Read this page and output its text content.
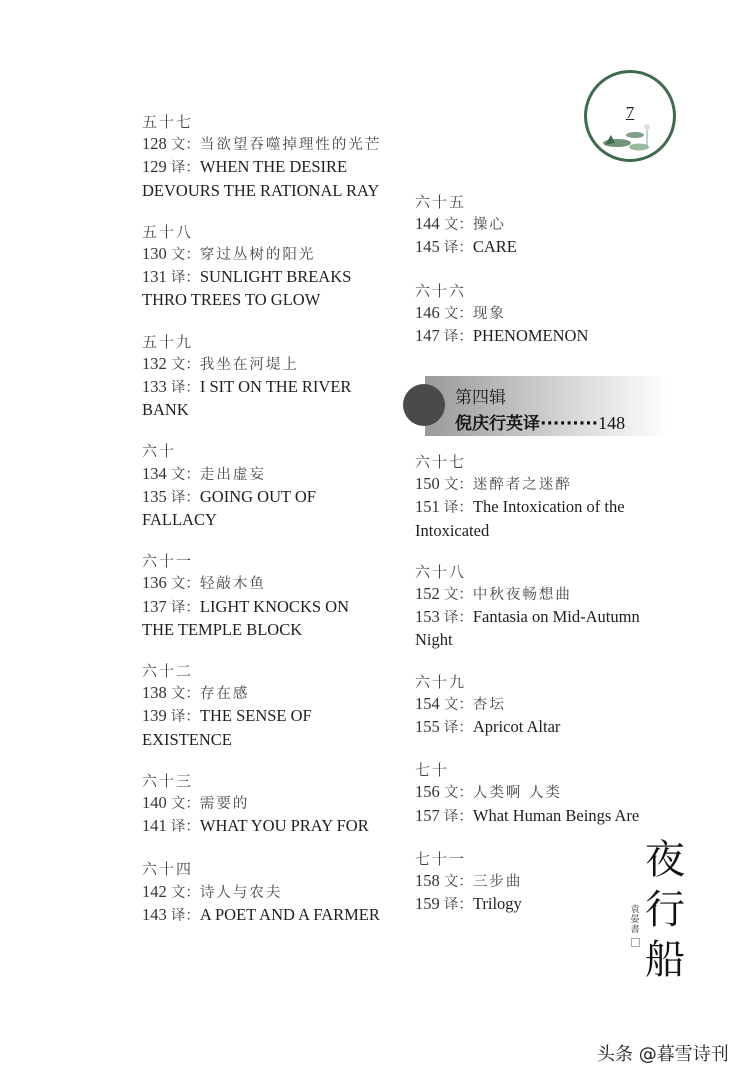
7
五十七
128 文：当欲望吞噬掉理性的光芒
129 译：WHEN THE DESIRE DEVOURS THE RATIONAL RAY
五十八
130 文：穿过丛树的阳光
131 译：SUNLIGHT BREAKS THRO TREES TO GLOW
五十九
132 文：我坐在河堤上
133 译：I SIT ON THE RIVER BANK
六十
134 文：走出虚妄
135 译：GOING OUT OF FALLACY
六十一
136 文：轻敲木鱼
137 译：LIGHT KNOCKS ON THE TEMPLE BLOCK
六十二
138 文：存在感
139 译：THE SENSE OF EXISTENCE
六十三
140 文：需要的
141 译：WHAT YOU PRAY FOR
六十四
142 文：诗人与农夫
143 译：A POET AND A FARMER
六十五
144 文：操心
145 译：CARE
六十六
146 文：现象
147 译：PHENOMENON
第四辑
倪庆行英译·········148
六十七
150 文：迷醉者之迷醉
151 译：The Intoxication of the Intoxicated
六十八
152 文：中秋夜畅想曲
153 译：Fantasia on Mid-Autumn Night
六十九
154 文：杏坛
155 译：Apricot Altar
七十
156 文：人类啊 人类
157 译：What Human Beings Are
七十一
158 文：三步曲
159 译：Trilogy
夜
行
船
袁晏書
头条 @暮雪诗刊
